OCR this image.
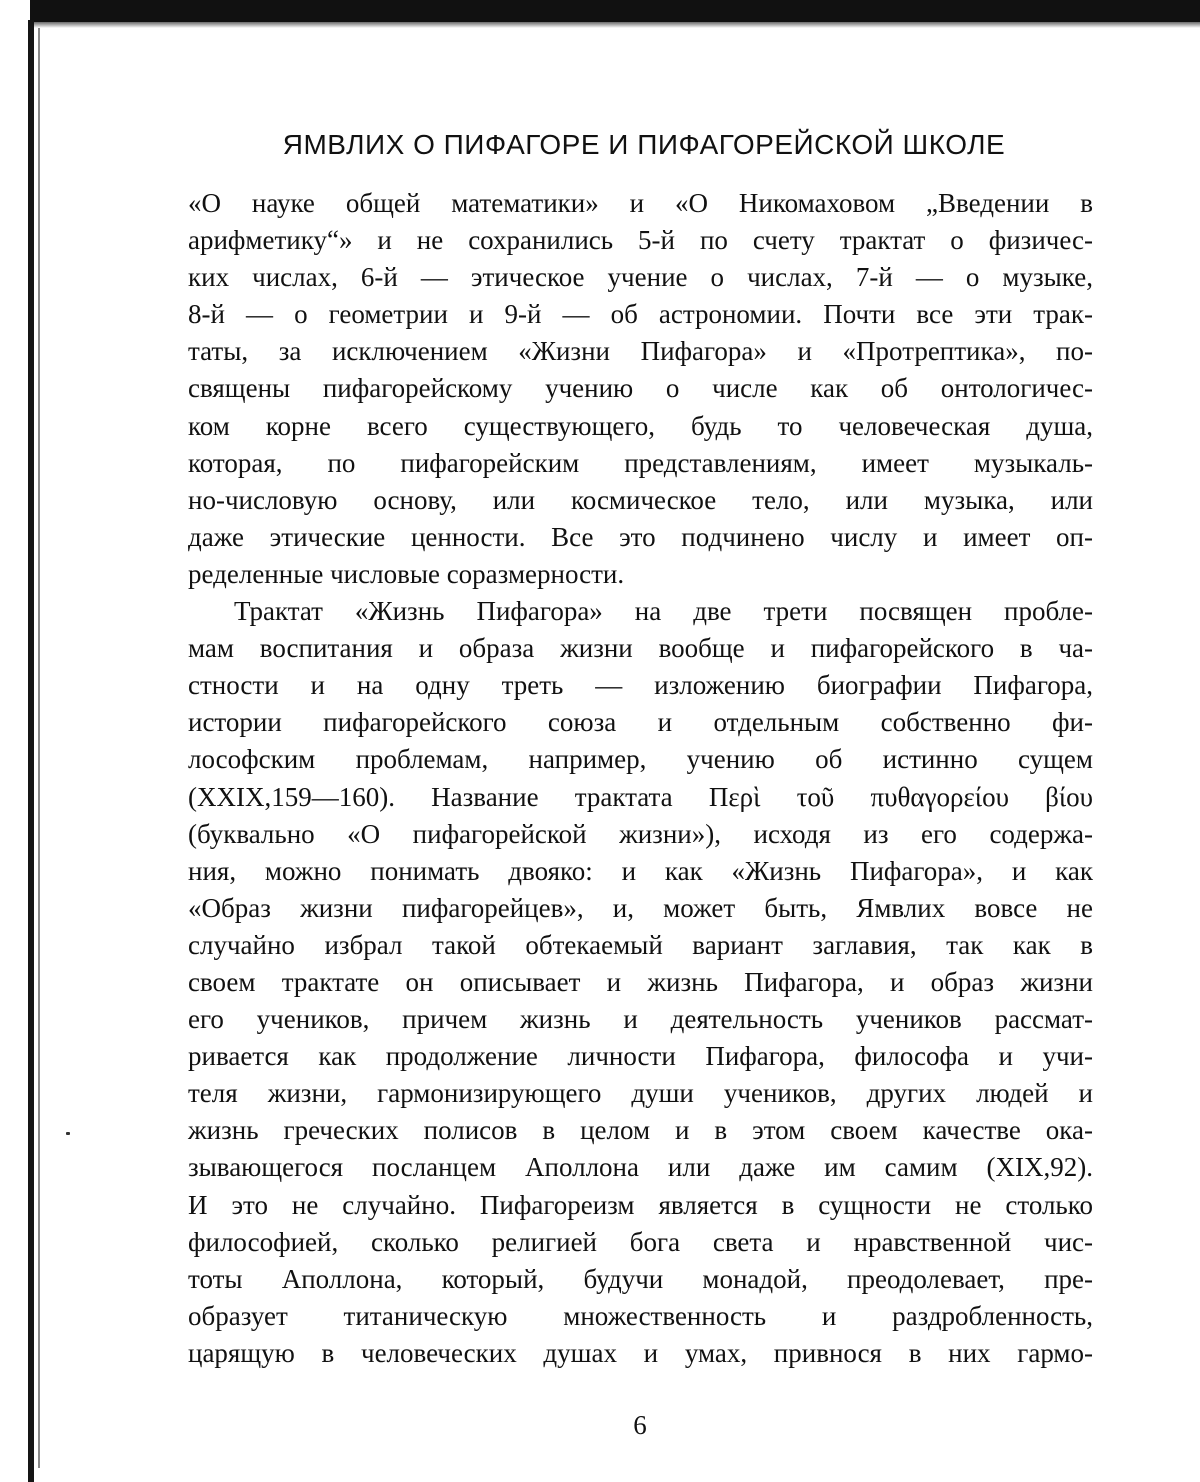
ЯМВЛИХ О ПИФАГОРЕ И ПИФАГОРЕЙСКОЙ ШКОЛЕ
«О науке общей математики» и «О Никомаховом „Введении в
арифметику“» и не сохранились 5-й по счету трактат о физичес-
ких числах, 6-й — этическое учение о числах, 7-й — о музыке,
8-й — о геометрии и 9-й — об астрономии. Почти все эти трак-
таты, за исключением «Жизни Пифагора» и «Протрептика», по-
священы пифагорейскому учению о числе как об онтологичес-
ком корне всего существующего, будь то человеческая душа,
которая, по пифагорейским представлениям, имеет музыкаль-
но-числовую основу, или космическое тело, или музыка, или
даже этические ценности. Все это подчинено числу и имеет оп-
ределенные числовые соразмерности.
Трактат «Жизнь Пифагора» на две трети посвящен пробле-
мам воспитания и образа жизни вообще и пифагорейского в ча-
стности и на одну треть — изложению биографии Пифагора,
истории пифагорейского союза и отдельным собственно фи-
лософским проблемам, например, учению об истинно сущем
(XXIX,159—160). Название трактата Περὶ τοῦ πυθαγορείου βίου
(буквально «О пифагорейской жизни»), исходя из его содержа-
ния, можно понимать двояко: и как «Жизнь Пифагора», и как
«Образ жизни пифагорейцев», и, может быть, Ямвлих вовсе не
случайно избрал такой обтекаемый вариант заглавия, так как в
своем трактате он описывает и жизнь Пифагора, и образ жизни
его учеников, причем жизнь и деятельность учеников рассмат-
ривается как продолжение личности Пифагора, философа и учи-
теля жизни, гармонизирующего души учеников, других людей и
жизнь греческих полисов в целом и в этом своем качестве ока-
зывающегося посланцем Аполлона или даже им самим (XIX,92).
И это не случайно. Пифагореизм является в сущности не столько
философией, сколько религией бога света и нравственной чис-
тоты Аполлона, который, будучи монадой, преодолевает, пре-
образует титаническую множественность и раздробленность,
царящую в человеческих душах и умах, привнося в них гармо-
6
